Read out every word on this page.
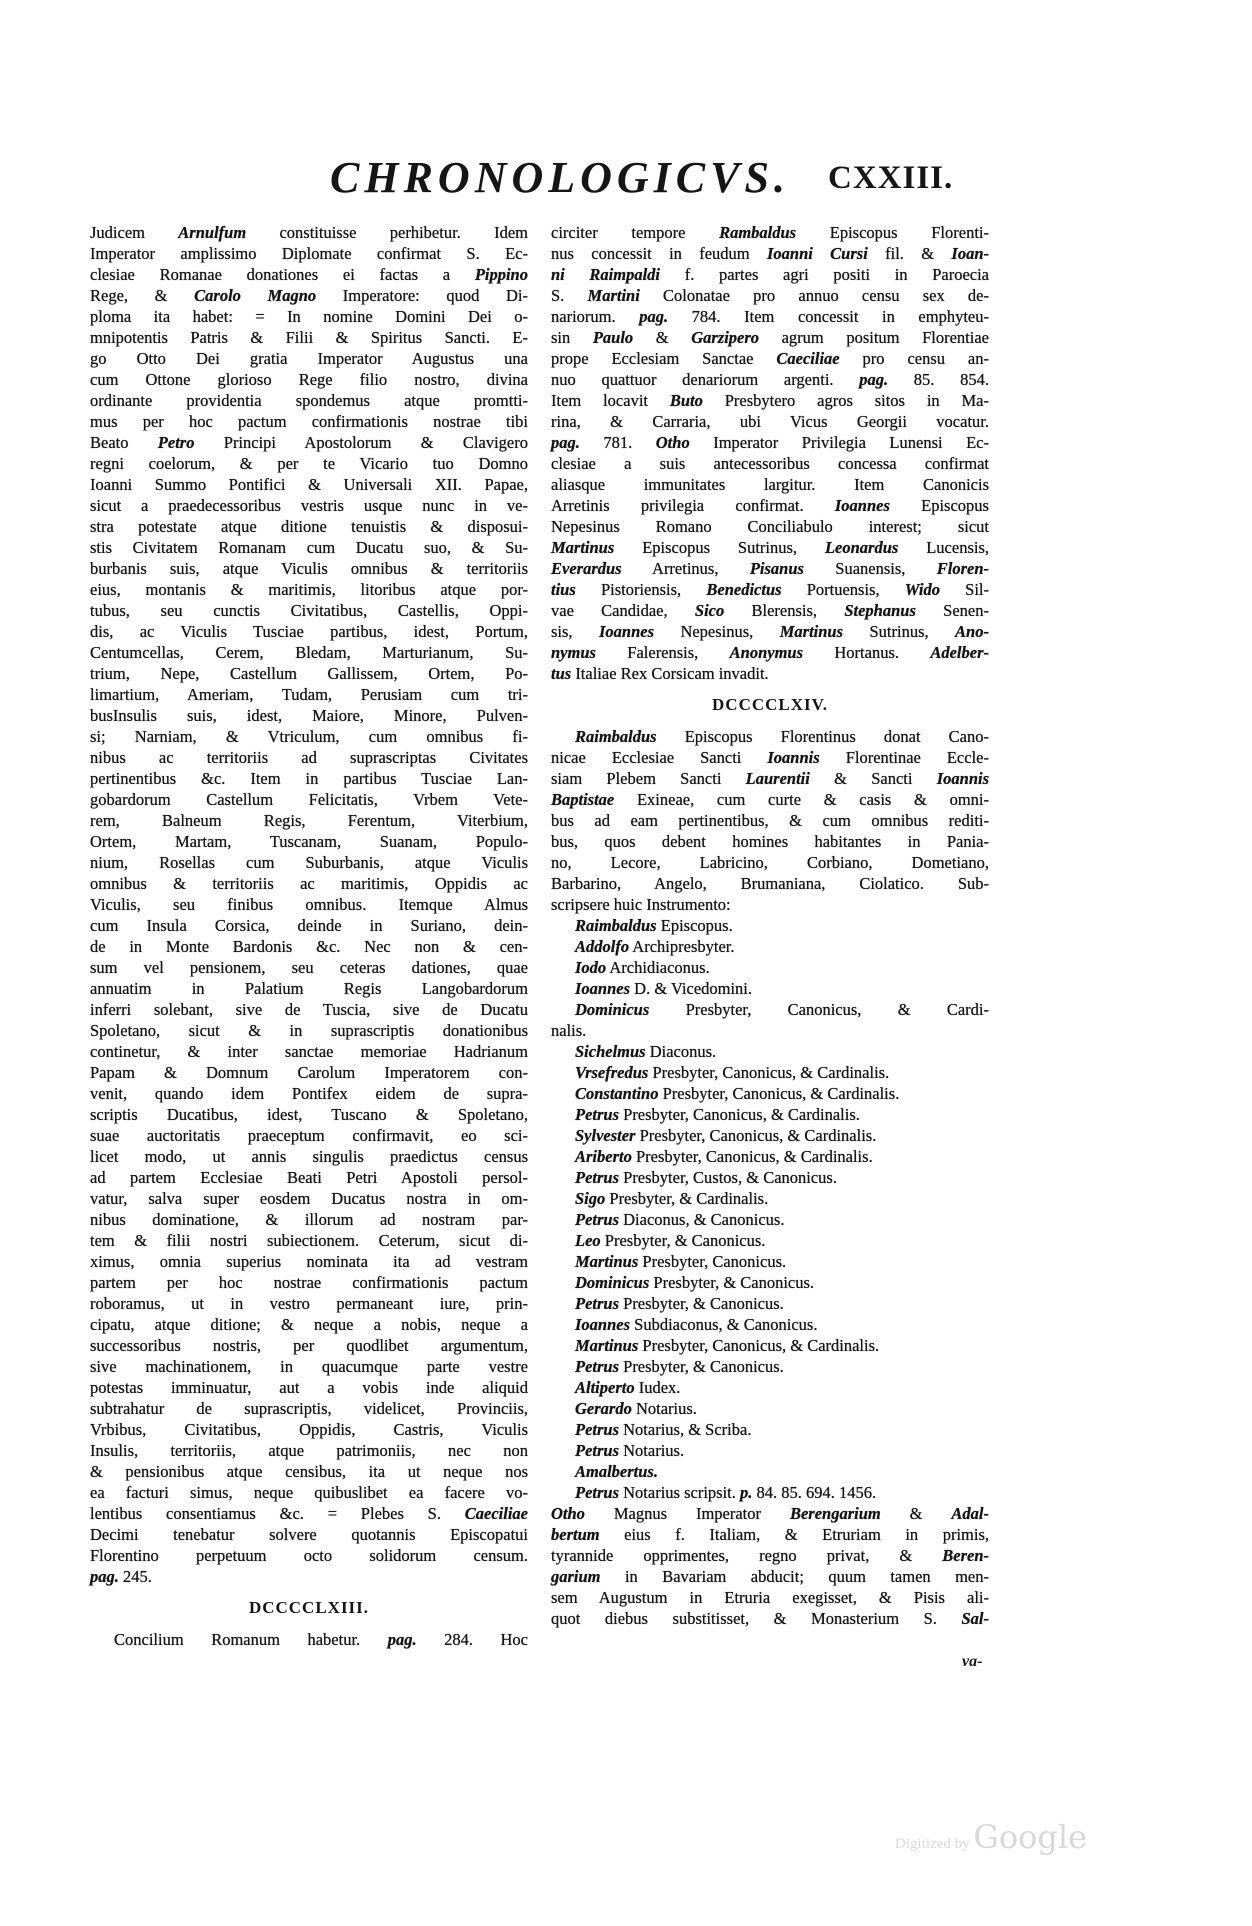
CHRONOLOGICVS. CXXIII.
Judicem Arnulfum constituisse perhibetur. Idem
Imperator amplissimo Diplomate confirmat S. Ec-
clesiae Romanae donationes ei factas a Pippino
Rege, & Carolo Magno Imperatore: quod Di-
ploma ita habet: = In nomine Domini Dei o-
mnipotentis Patris & Filii & Spiritus Sancti. E-
go Otto Dei gratia Imperator Augustus una
cum Ottone glorioso Rege filio nostro, divina
ordinante providentia spondemus atque promtti-
mus per hoc pactum confirmationis nostrae tibi
Beato Petro Principi Apostolorum & Clavigero
regni coelorum, & per te Vicario tuo Domno
Ioanni Summo Pontifici & Universali XII. Papae,
sicut a praedecessoribus vestris usque nunc in ve-
stra potestate atque ditione tenuistis & disposui-
stis Civitatem Romanam cum Ducatu suo, & Su-
burbanis suis, atque Viculis omnibus & territoriis
eius, montanis & maritimis, litoribus atque por-
tubus, seu cunctis Civitatibus, Castellis, Oppi-
dis, ac Viculis Tusciae partibus, idest, Portum,
Centumcellas, Cerem, Bledam, Marturianum, Su-
trium, Nepe, Castellum Gallissem, Ortem, Po-
limartium, Ameriam, Tudam, Perusiam cum tri-
busInsulis suis, idest, Maiore, Minore, Pulven-
si; Narniam, & Vtriculum, cum omnibus fi-
nibus ac territoriis ad suprascriptas Civitates
pertinentibus &c. Item in partibus Tusciae Lan-
gobardorum Castellum Felicitatis, Vrbem Vete-
rem, Balneum Regis, Ferentum, Viterbium,
Ortem, Martam, Tuscanam, Suanam, Populo-
nium, Rosellas cum Suburbanis, atque Viculis
omnibus & territoriis ac maritimis, Oppidis ac
Viculis, seu finibus omnibus. Itemque Almus
cum Insula Corsica, deinde in Suriano, dein-
de in Monte Bardonis &c. Nec non & cen-
sum vel pensionem, seu ceteras dationes, quae
annuatim in Palatium Regis Langobardorum
inferri solebant, sive de Tuscia, sive de Ducatu
Spoletano, sicut & in suprascriptis donationibus
continetur, & inter sanctae memoriae Hadrianum
Papam & Domnum Carolum Imperatorem con-
venit, quando idem Pontifex eidem de supra-
scriptis Ducatibus, idest, Tuscano & Spoletano,
suae auctoritatis praeceptum confirmavit, eo sci-
licet modo, ut annis singulis praedictus census
ad partem Ecclesiae Beati Petri Apostoli persol-
vatur, salva super eosdem Ducatus nostra in om-
nibus dominatione, & illorum ad nostram par-
tem & filii nostri subiectionem. Ceterum, sicut di-
ximus, omnia superius nominata ita ad vestram
partem per hoc nostrae confirmationis pactum
roboramus, ut in vestro permaneant iure, prin-
cipatu, atque ditione; & neque a nobis, neque a
successoribus nostris, per quodlibet argumentum,
sive machinationem, in quacumque parte vestre
potestas imminuatur, aut a vobis inde aliquid
subtrahatur de suprascriptis, videlicet, Provinciis,
Vrbibus, Civitatibus, Oppidis, Castris, Viculis
Insulis, territoriis, atque patrimoniis, nec non
& pensionibus atque censibus, ita ut neque nos
ea facturi simus, neque quibuslibet ea facere vo-
lentibus consentiamus &c. = Plebes S. Caeciliae
Decimi tenebatur solvere quotannis Episcopatui
Florentino perpetuum octo solidorum censum.
pag. 245.
DCCCCLXIII.
Concilium Romanum habetur. pag. 284. Hoc
circiter tempore Rambaldus Episcopus Florenti-
nus concessit in feudum Ioanni Cursi fil. & Ioan-
ni Raimpaldi f. partes agri positi in Paroecia
S. Martini Colonatae pro annuo censu sex de-
nariorum. pag. 784. Item concessit in emphyteu-
sin Paulo & Garzipero agrum positum Florentiae
prope Ecclesiam Sanctae Caeciliae pro censu an-
nuo quattuor denariorum argenti. pag. 85. 854.
Item locavit Buto Presbytero agros sitos in Ma-
rina, & Carraria, ubi Vicus Georgii vocatur.
pag. 781. Otho Imperator Privilegia Lunensi Ec-
clesiae a suis antecessoribus concessa confirmat
aliasque immunitates largitur. Item Canonicis
Arretinis privilegia confirmat. Ioannes Episcopus
Nepesinus Romano Conciliabulo interest; sicut
Martinus Episcopus Sutrinus, Leonardus Lucensis,
Everardus Arretinus, Pisanus Suanensis, Floren-
tius Pistoriensis, Benedictus Portuensis, Wido Sil-
vae Candidae, Sico Blerensis, Stephanus Senen-
sis, Ioannes Nepesinus, Martinus Sutrinus, Ano-
nymus Falerensis, Anonymus Hortanus. Adelber-
tus Italiae Rex Corsicam invadit.
DCCCCLXIV.
Raimbaldus Episcopus Florentinus donat Cano-
nicae Ecclesiae Sancti Ioannis Florentinae Eccle-
siam Plebem Sancti Laurentii & Sancti Ioannis
Baptistae Exineae, cum curte & casis & omni-
bus ad eam pertinentibus, & cum omnibus rediti-
bus, quos debent homines habitantes in Pania-
no, Lecore, Labricino, Corbiano, Dometiano,
Barbarino, Angelo, Brumaniana, Ciolatico. Sub-
scripsere huic Instrumento:
Raimbaldus Episcopus.
Addolfo Archipresbyter.
Iodo Archidiaconus.
Ioannes D. & Vicedomini.
Dominicus Presbyter, Canonicus, & Cardi-
nalis.
Sichelmus Diaconus.
Vrsefredus Presbyter, Canonicus, & Cardinalis.
Constantino Presbyter, Canonicus, & Cardinalis.
Petrus Presbyter, Canonicus, & Cardinalis.
Sylvester Presbyter, Canonicus, & Cardinalis.
Ariberto Presbyter, Canonicus, & Cardinalis.
Petrus Presbyter, Custos, & Canonicus.
Sigo Presbyter, & Cardinalis.
Petrus Diaconus, & Canonicus.
Leo Presbyter, & Canonicus.
Martinus Presbyter, Canonicus.
Dominicus Presbyter, & Canonicus.
Petrus Presbyter, & Canonicus.
Ioannes Subdiaconus, & Canonicus.
Martinus Presbyter, Canonicus, & Cardinalis.
Petrus Presbyter, & Canonicus.
Altiperto Iudex.
Gerardo Notarius.
Petrus Notarius, & Scriba.
Petrus Notarius.
Amalbertus.
Petrus Notarius scripsit. p. 84. 85. 694. 1456.
Otho Magnus Imperator Berengarium & Adal-
bertum eius f. Italiam, & Etruriam in primis,
tyrannide opprimentes, regno privat, & Beren-
garium in Bavariam abducit; quum tamen men-
sem Augustum in Etruria exegisset, & Pisis ali-
quot diebus substitisset, & Monasterium S. Sal-
va-
Digitized by Google
